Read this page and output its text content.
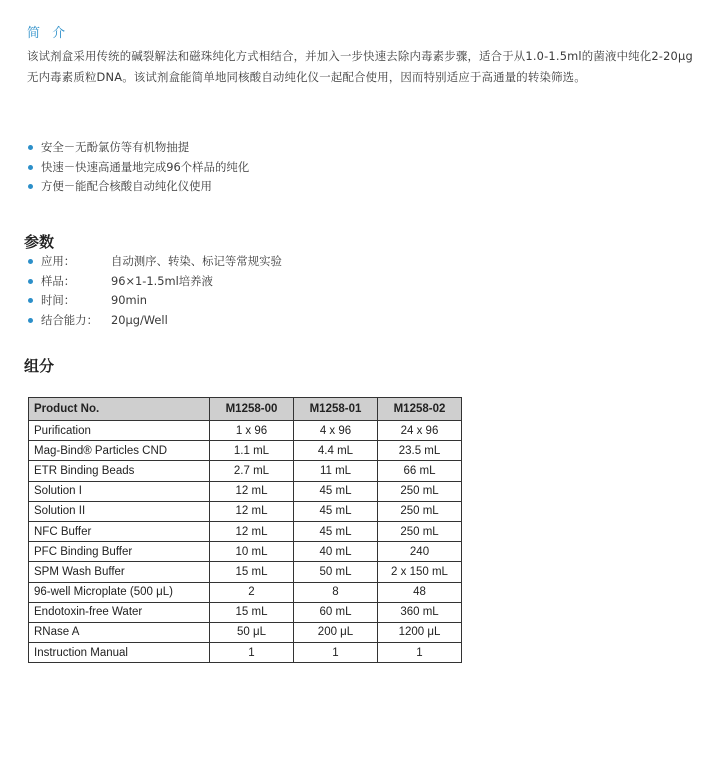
简 介
该试剂盒采用传统的碱裂解法和磁珠纯化方式相结合，并加入一步快速去除内毒素步骤，适合于从1.0-1.5ml的菌液中纯化2-20μg无内毒素质粒DNA。该试剂盒能简单地同核酸自动纯化仪一起配合使用，因而特别适应于高通量的转染筛选。
安全－无酚氯仿等有机物抽提
快速－快速高通量地完成96个样品的纯化
方便－能配合核酸自动纯化仪使用
参数
应用：	自动测序、转染、标记等常规实验
样品：	96×1-1.5ml培养液
时间：	90min
结合能力： 20μg/Well
组分
Product No.	M1258-00	M1258-01	M1258-02
Purification	1 x 96	4 x 96	24 x 96
Mag-Bind® Particles CND	1.1 mL	4.4 mL	23.5 mL
ETR Binding Beads	2.7 mL	11 mL	66 mL
Solution I	12 mL	45 mL	250 mL
Solution II	12 mL	45 mL	250 mL
NFC Buffer	12 mL	45 mL	250 mL
PFC Binding Buffer	10 mL	40 mL	240
SPM Wash Buffer	15 mL	50 mL	2 x 150 mL
96-well Microplate (500 μL)	2	8	48
Endotoxin-free Water	15 mL	60 mL	360 mL
RNase A	50 μL	200 μL	1200 μL
Instruction Manual	1	1	1
